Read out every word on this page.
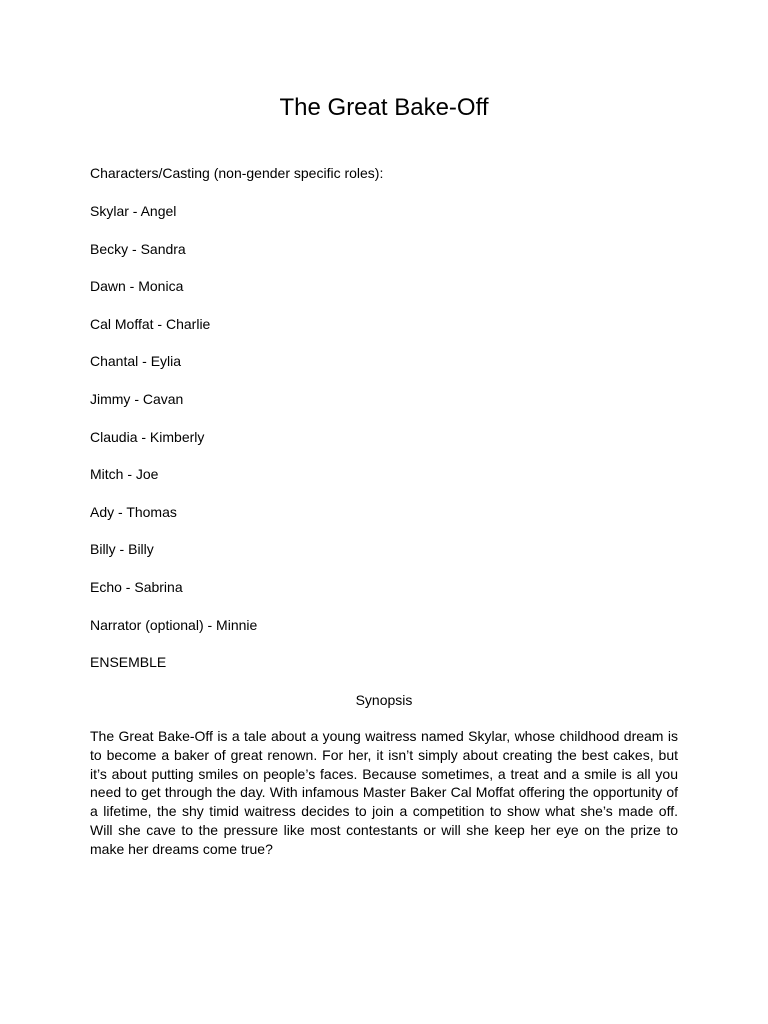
The Great Bake-Off
Characters/Casting (non-gender specific roles):
Skylar - Angel
Becky - Sandra
Dawn - Monica
Cal Moffat - Charlie
Chantal - Eylia
Jimmy - Cavan
Claudia - Kimberly
Mitch - Joe
Ady - Thomas
Billy - Billy
Echo - Sabrina
Narrator (optional) - Minnie
ENSEMBLE
Synopsis

The Great Bake-Off is a tale about a young waitress named Skylar, whose childhood dream is to become a baker of great renown. For her, it isn’t simply about creating the best cakes, but it’s about putting smiles on people’s faces. Because sometimes, a treat and a smile is all you need to get through the day. With infamous Master Baker Cal Moffat offering the opportunity of a lifetime, the shy timid waitress decides to join a competition to show what she’s made off. Will she cave to the pressure like most contestants or will she keep her eye on the prize to make her dreams come true?
